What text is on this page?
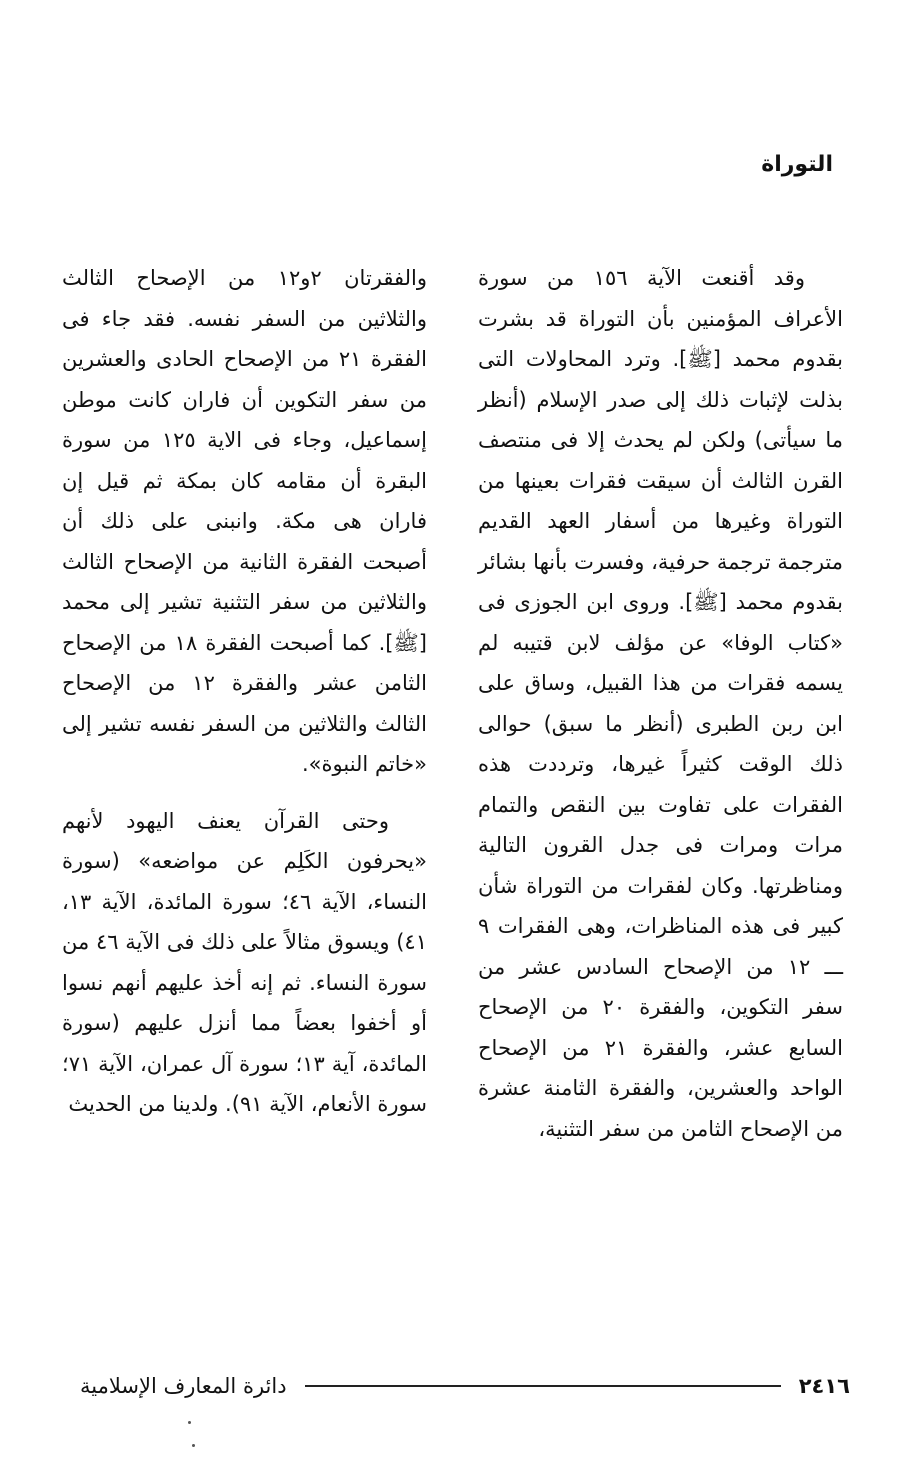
التوراة

وقد أقنعت الآية ١٥٦ من سورة الأعراف المؤمنين بأن التوراة قد بشرت بقدوم محمد [ﷺ]. وترد المحاولات التى بذلت لإثبات ذلك إلى صدر الإسلام (أنظر ما سيأتى) ولكن لم يحدث إلا فى منتصف القرن الثالث أن سيقت فقرات بعينها من التوراة وغيرها من أسفار العهد القديم مترجمة ترجمة حرفية، وفسرت بأنها بشائر بقدوم محمد [ﷺ]. وروى ابن الجوزى فى «كتاب الوفا» عن مؤلف لابن قتيبه لم يسمه فقرات من هذا القبيل، وساق على ابن ربن الطبرى (أنظر ما سبق) حوالى ذلك الوقت كثيراً غيرها، وترددت هذه الفقرات على تفاوت بين النقص والتمام مرات ومرات فى جدل القرون التالية ومناظرتها. وكان لفقرات من التوراة شأن كبير فى هذه المناظرات، وهى الفقرات ٩ ـــ ١٢ من الإصحاح السادس عشر من سفر التكوين، والفقرة ٢٠ من الإصحاح السابع عشر، والفقرة ٢١ من الإصحاح الواحد والعشرين، والفقرة الثامنة عشرة من الإصحاح الثامن من سفر التثنية،

والفقرتان ٢و١٢ من الإصحاح الثالث والثلاثين من السفر نفسه. فقد جاء فى الفقرة ٢١ من الإصحاح الحادى والعشرين من سفر التكوين أن فاران كانت موطن إسماعيل، وجاء فى الاية ١٢٥ من سورة البقرة أن مقامه كان بمكة ثم قيل إن فاران هى مكة. وانبنى على ذلك أن أصبحت الفقرة الثانية من الإصحاح الثالث والثلاثين من سفر التثنية تشير إلى محمد [ﷺ]. كما أصبحت الفقرة ١٨ من الإصحاح الثامن عشر والفقرة ١٢ من الإصحاح الثالث والثلاثين من السفر نفسه تشير إلى «خاتم النبوة».

وحتى القرآن يعنف اليهود لأنهم «يحرفون الكَلِم عن مواضعه» (سورة النساء، الآية ٤٦؛ سورة المائدة، الآية ١٣، ٤١) ويسوق مثالاً على ذلك فى الآية ٤٦ من سورة النساء. ثم إنه أخذ عليهم أنهم نسوا أو أخفوا بعضاً مما أنزل عليهم (سورة المائدة، آية ١٣؛ سورة آل عمران، الآية ٧١؛ سورة الأنعام، الآية ٩١). ولدينا من الحديث

٢٤١٦
دائرة المعارف الإسلامية
